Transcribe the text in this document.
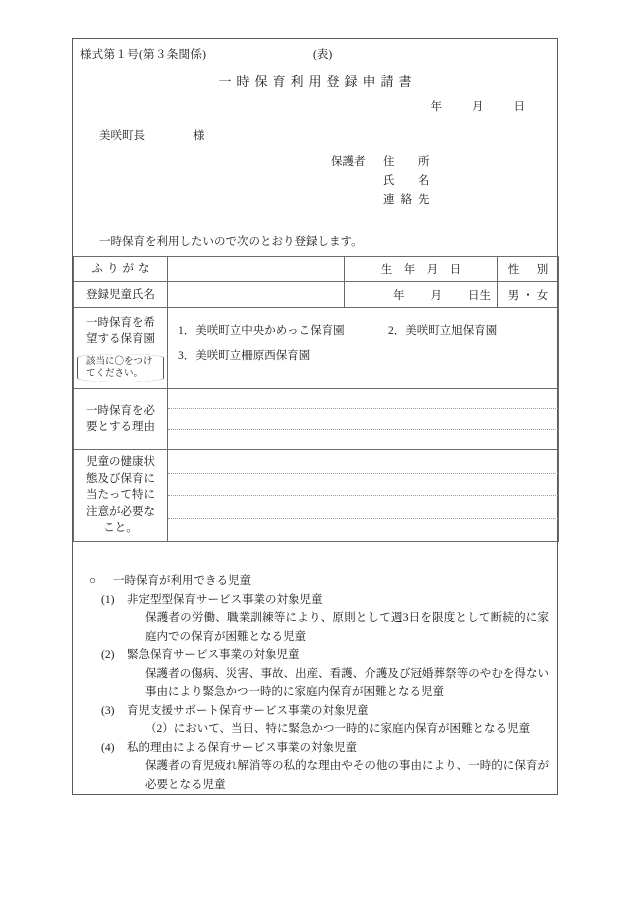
様式第１号(第３条関係)	(表)
一時保育利用登録申請書
年	月	日
美咲町長	様
保護者 住　所
氏　名
連絡先
一時保育を利用したいので次のとおり登録します。
ふりがな		生　年　月　日	性　別

登録児童氏名		年 月 日生	男・女

一時保育を希
望する保育園
該当に〇をつけてください。

1．美咲町立中央かめっこ保育園	2．美咲町立旭保育園
3．美咲町立柵原西保育園

一時保育を必
要とする理由			

児童の健康状
態及び保育に
当たって特に
注意が必要な
こと。			

○ 一時保育が利用できる児童
(1) 非定型型保育サービス事業の対象児童
保護者の労働、職業訓練等により、原則として週3日を限度として断続的に家庭内での保育が困難となる児童
(2) 緊急保育サービス事業の対象児童
保護者の傷病、災害、事故、出産、看護、介護及び冠婚葬祭等のやむを得ない事由により緊急かつ一時的に家庭内保育が困難となる児童
(3) 育児支援サポート保育サービス事業の対象児童
（2）において、当日、特に緊急かつ一時的に家庭内保育が困難となる児童
(4) 私的理由による保育サービス事業の対象児童
保護者の育児疲れ解消等の私的な理由やその他の事由により、一時的に保育が必要となる児童
